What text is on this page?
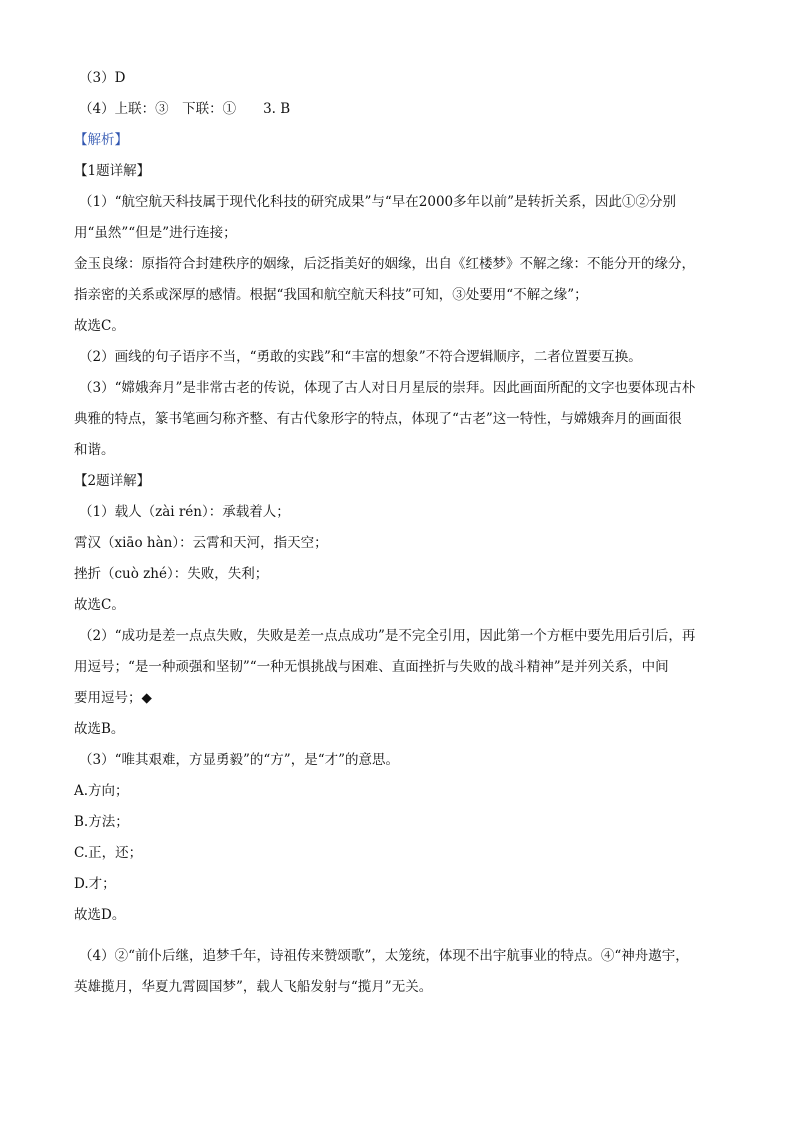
（3）D
（4）上联：③　下联：①　　3. B
【解析】
【1题详解】
（1）“航空航天科技属于现代化科技的研究成果”与“早在2000多年以前”是转折关系，因此①②分别
用“虽然”“但是”进行连接；
金玉良缘：原指符合封建秩序的姻缘，后泛指美好的姻缘，出自《红楼梦》不解之缘：不能分开的缘分，
指亲密的关系或深厚的感情。根据“我国和航空航天科技”可知，③处要用“不解之缘”；
故选C。
（2）画线的句子语序不当，“勇敢的实践”和“丰富的想象”不符合逻辑顺序，二者位置要互换。
（3）“嫦娥奔月”是非常古老的传说，体现了古人对日月星辰的崇拜。因此画面所配的文字也要体现古朴
典雅的特点，篆书笔画匀称齐整、有古代象形字的特点，体现了“古老”这一特性，与嫦娥奔月的画面很
和谐。
【2题详解】
（1）载人（zài rén）：承载着人；
霄汉（xiāo hàn）：云霄和天河，指天空；
挫折（cuò zhé）：失败，失利；
故选C。
（2）“成功是差一点点失败，失败是差一点点成功”是不完全引用，因此第一个方框中要先用后引后，再
用逗号；“是一种顽强和坚韧”“一种无惧挑战与困难、直面挫折与失败的战斗精神”是并列关系，中间
要用逗号；◆
故选B。
（3）“唯其艰难，方显勇毅”的“方”，是“才”的意思。
A.方向；
B.方法；
C.正，还；
D.才；
故选D。
（4）②“前仆后继，追梦千年，诗祖传来赞颂歌”，太笼统，体现不出宇航事业的特点。④“神舟遨宇，
英雄揽月，华夏九霄圆国梦”，载人飞船发射与“揽月”无关。
